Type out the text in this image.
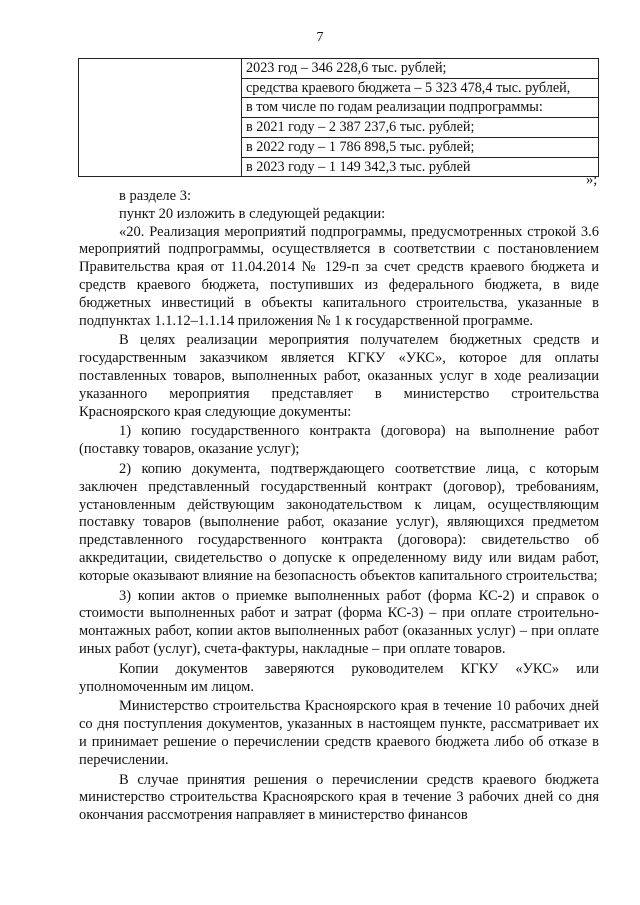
7

2023 год – 346 228,6 тыс. рублей;
средства краевого бюджета – 5 323 478,4 тыс. рублей,
в том числе по годам реализации подпрограммы:
в 2021 году – 2 387 237,6 тыс. рублей;
в 2022 году – 1 786 898,5 тыс. рублей;
в 2023 году – 1 149 342,3 тыс. рублей
»;

в разделе 3:

пункт 20 изложить в следующей редакции:

«20. Реализация мероприятий подпрограммы, предусмотренных строкой 3.6 мероприятий подпрограммы, осуществляется в соответствии с постановлением Правительства края от 11.04.2014 № 129-п за счет средств краевого бюджета и средств краевого бюджета, поступивших из федерального бюджета, в виде бюджетных инвестиций в объекты капитального строительства, указанные в подпунктах 1.1.12–1.1.14 приложения № 1 к государственной программе.

В целях реализации мероприятия получателем бюджетных средств и государственным заказчиком является КГКУ «УКС», которое для оплаты поставленных товаров, выполненных работ, оказанных услуг в ходе реализации указанного мероприятия представляет в министерство строительства Красноярского края следующие документы:

1) копию государственного контракта (договора) на выполнение работ (поставку товаров, оказание услуг);

2) копию документа, подтверждающего соответствие лица, с которым заключен представленный государственный контракт (договор), требованиям, установленным действующим законодательством к лицам, осуществляющим поставку товаров (выполнение работ, оказание услуг), являющихся предметом представленного государственного контракта (договора): свидетельство об аккредитации, свидетельство о допуске к определенному виду или видам работ, которые оказывают влияние на безопасность объектов капитального строительства;

3) копии актов о приемке выполненных работ (форма КС-2) и справок о стоимости выполненных работ и затрат (форма КС-3) – при оплате строительно-монтажных работ, копии актов выполненных работ (оказанных услуг) – при оплате иных работ (услуг), счета-фактуры, накладные – при оплате товаров.

Копии документов заверяются руководителем КГКУ «УКС» или уполномоченным им лицом.

Министерство строительства Красноярского края в течение 10 рабочих дней со дня поступления документов, указанных в настоящем пункте, рассматривает их и принимает решение о перечислении средств краевого бюджета либо об отказе в перечислении.

В случае принятия решения о перечислении средств краевого бюджета министерство строительства Красноярского края в течение 3 рабочих дней со дня окончания рассмотрения направляет в министерство финансов
